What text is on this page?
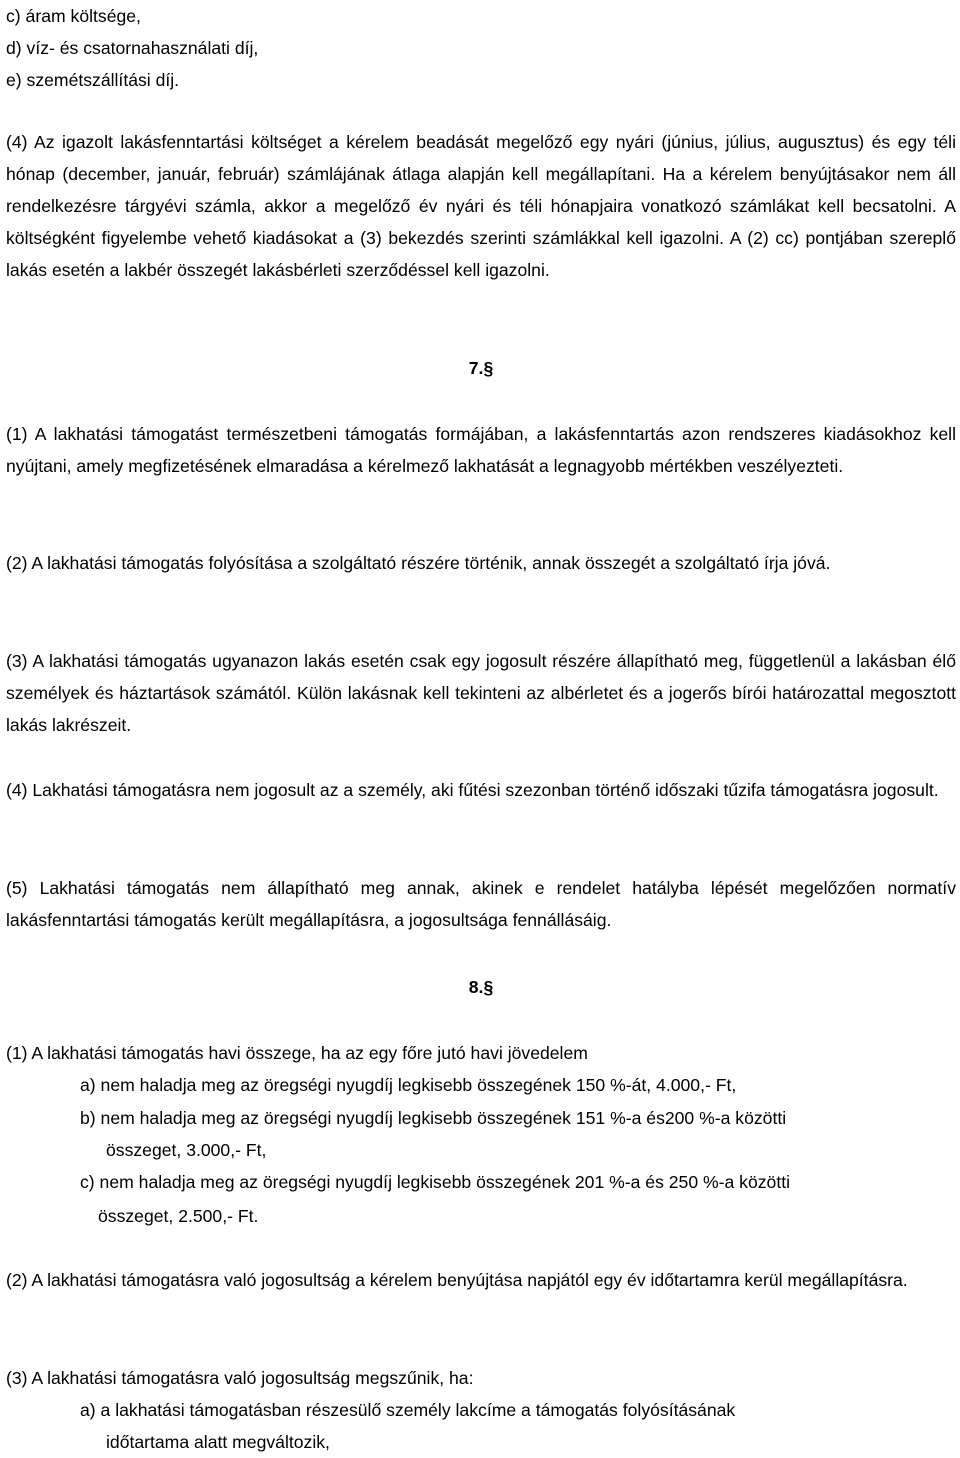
c) áram költsége,
d) víz- és csatornahasználati díj,
e) szemétszállítási díj.

(4) Az igazolt lakásfenntartási költséget a kérelem beadását megelőző egy nyári (június, július, augusztus) és egy téli hónap (december, január, február) számlájának átlaga alapján kell megállapítani. Ha a kérelem benyújtásakor nem áll rendelkezésre tárgyévi számla, akkor a megelőző év nyári és téli hónapjaira vonatkozó számlákat kell becsatolni. A költségként figyelembe vehető kiadásokat a (3) bekezdés szerinti számlákkal kell igazolni. A (2) cc) pontjában szereplő lakás esetén a lakbér összegét lakásbérleti szerződéssel kell igazolni.

7.§

(1) A lakhatási támogatást természetbeni támogatás formájában, a lakásfenntartás azon rendszeres kiadásokhoz kell nyújtani, amely megfizetésének elmaradása a kérelmező lakhatását a legnagyobb mértékben veszélyezteti.

(2) A lakhatási támogatás folyósítása a szolgáltató részére történik, annak összegét a szolgáltató írja jóvá.

(3) A lakhatási támogatás ugyanazon lakás esetén csak egy jogosult részére állapítható meg, függetlenül a lakásban élő személyek és háztartások számától. Külön lakásnak kell tekinteni az albérletet és a jogerős bírói határozattal megosztott lakás lakrészeit.

(4) Lakhatási támogatásra nem jogosult az a személy, aki fűtési szezonban történő időszaki tűzifa támogatásra jogosult.

(5) Lakhatási támogatás nem állapítható meg annak, akinek e rendelet hatályba lépését megelőzően normatív lakásfenntartási támogatás került megállapításra, a jogosultsága fennállásáig.

8.§
(1) A lakhatási támogatás havi összege, ha az egy főre jutó havi jövedelem
a) nem haladja meg az öregségi nyugdíj legkisebb összegének 150 %-át, 4.000,- Ft,
b) nem haladja meg az öregségi nyugdíj legkisebb összegének 151 %-a és200 %-a közötti
összeget, 3.000,- Ft,
c) nem haladja meg az öregségi nyugdíj legkisebb összegének 201 %-a és 250 %-a közötti
összeget, 2.500,- Ft.

(2) A lakhatási támogatásra való jogosultság a kérelem benyújtása napjától egy év időtartamra kerül megállapításra.

(3) A lakhatási támogatásra való jogosultság megszűnik, ha:
a) a lakhatási támogatásban részesülő személy lakcíme a támogatás folyósításának
időtartama alatt megváltozik,
